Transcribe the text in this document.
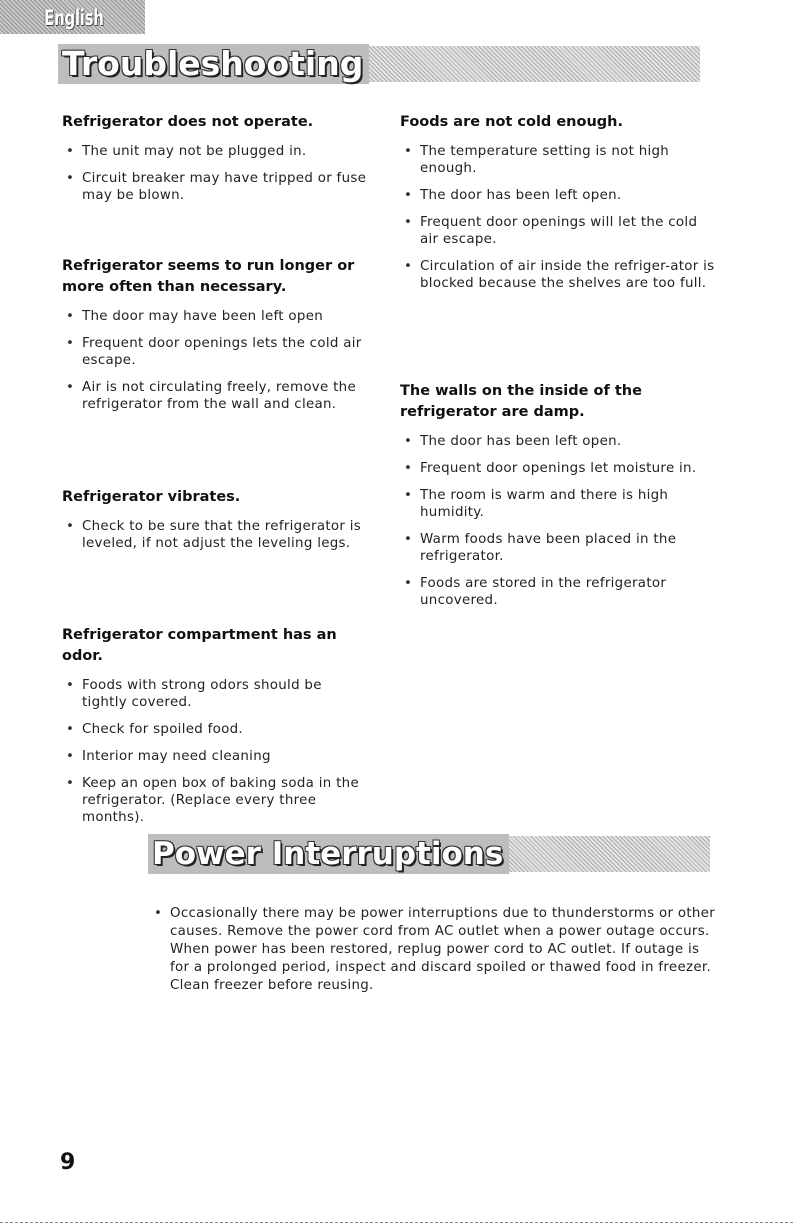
English
Troubleshooting
Refrigerator does not operate.
• The unit may not be plugged in.
• Circuit breaker may have tripped or fuse may be blown.
Refrigerator seems to run longer or more often than necessary.
• The door may have been left open
• Frequent door openings lets the cold air escape.
• Air is not circulating freely, remove the refrigerator from the wall and clean.
Refrigerator vibrates.
• Check to be sure that the refrigerator is leveled, if not adjust the leveling legs.
Refrigerator compartment has an odor.
• Foods with strong odors should be tightly covered.
• Check for spoiled food.
• Interior may need cleaning
• Keep an open box of baking soda in the refrigerator. (Replace every three months).
Foods are not cold enough.
• The temperature setting is not high enough.
• The door has been left open.
• Frequent door openings will let the cold air escape.
• Circulation of air inside the refriger-ator is blocked because the shelves are too full.
The walls on the inside of the refrigerator are damp.
• The door has been left open.
• Frequent door openings let moisture in.
• The room is warm and there is high humidity.
• Warm foods have been placed in the refrigerator.
• Foods are stored in the refrigerator uncovered.
Power Interruptions
• Occasionally there may be power interruptions due to thunderstorms or other causes. Remove the power cord from AC outlet when a power outage occurs. When power has been restored, replug power cord to AC outlet. If outage is for a prolonged period, inspect and discard spoiled or thawed food in freezer. Clean freezer before reusing.
9
